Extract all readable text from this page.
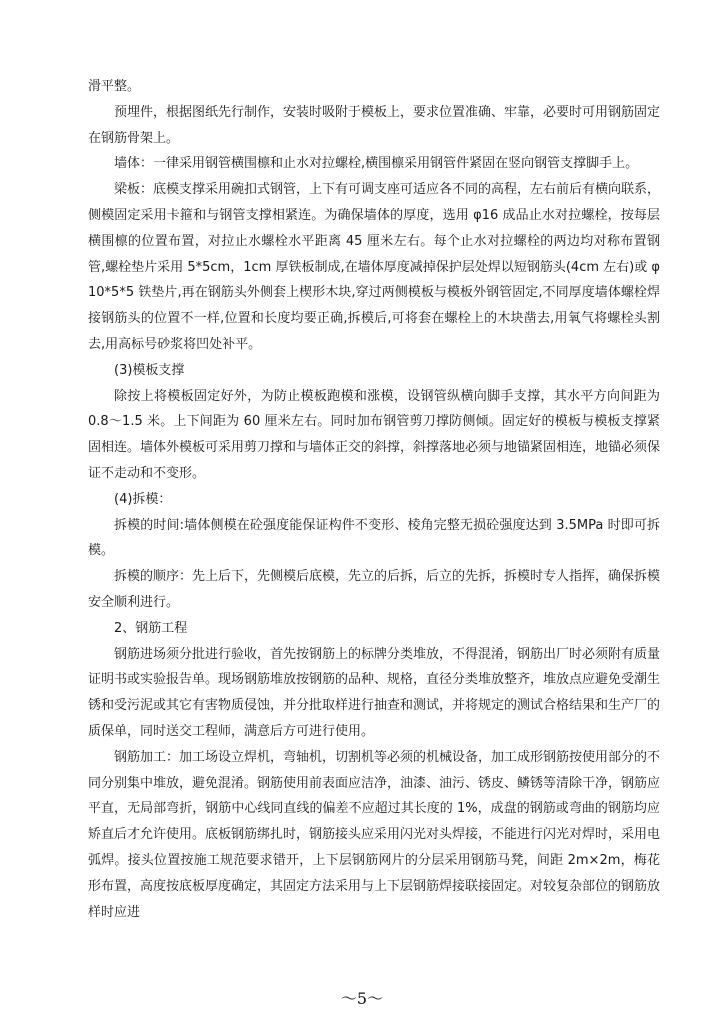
滑平整。

预埋件，根据图纸先行制作，安装时吸附于模板上，要求位置准确、牢靠，必要时可用钢筋固定在钢筋骨架上。

墙体：一律采用钢管横围檩和止水对拉螺栓,横围檩采用钢管件紧固在竖向钢管支撑脚手上。

梁板：底模支撑采用碗扣式钢管，上下有可调支座可适应各不同的高程，左右前后有横向联系，侧模固定采用卡箍和与钢管支撑相紧连。为确保墙体的厚度，选用 φ16 成品止水对拉螺栓，按每层横围檩的位置布置，对拉止水螺栓水平距离 45 厘米左右。每个止水对拉螺栓的两边均对称布置钢管,螺栓垫片采用 5*5cm，1cm 厚铁板制成,在墙体厚度减掉保护层处焊以短钢筋头(4cm 左右)或 φ10*5*5 铁垫片,再在钢筋头外侧套上楔形木块,穿过两侧模板与模板外钢管固定,不同厚度墙体螺栓焊接钢筋头的位置不一样,位置和长度均要正确,拆模后,可将套在螺栓上的木块凿去,用氧气将螺栓头割去,用高标号砂浆将凹处补平。

(3)模板支撑

除按上将模板固定好外，为防止模板跑模和涨模，设钢管纵横向脚手支撑，其水平方向间距为 0.8～1.5 米。上下间距为 60 厘米左右。同时加布钢管剪刀撑防侧倾。固定好的模板与模板支撑紧固相连。墙体外模板可采用剪刀撑和与墙体正交的斜撑，斜撑落地必须与地锚紧固相连，地锚必须保证不走动和不变形。

(4)拆模：

拆模的时间:墙体侧模在砼强度能保证构件不变形、棱角完整无损砼强度达到 3.5MPa 时即可拆模。

拆模的顺序：先上后下，先侧模后底模，先立的后拆，后立的先拆，拆模时专人指挥，确保拆模安全顺利进行。

2、钢筋工程

钢筋进场须分批进行验收，首先按钢筋上的标牌分类堆放，不得混淆，钢筋出厂时必须附有质量证明书或实验报告单。现场钢筋堆放按钢筋的品种、规格，直径分类堆放整齐，堆放点应避免受潮生锈和受污泥或其它有害物质侵蚀，并分批取样进行抽查和测试，并将规定的测试合格结果和生产厂的质保单，同时送交工程师，满意后方可进行使用。

钢筋加工：加工场设立焊机，弯轴机，切割机等必须的机械设备，加工成形钢筋按使用部分的不同分别集中堆放，避免混淆。钢筋使用前表面应洁净，油漆、油污、锈皮、鳞锈等清除干净，钢筋应平直，无局部弯折，钢筋中心线同直线的偏差不应超过其长度的 1%，成盘的钢筋或弯曲的钢筋均应矫直后才允许使用。底板钢筋绑扎时，钢筋接头应采用闪光对头焊接，不能进行闪光对焊时，采用电弧焊。接头位置按施工规范要求错开，上下层钢筋网片的分层采用钢筋马凳，间距 2m×2m，梅花形布置，高度按底板厚度确定，其固定方法采用与上下层钢筋焊接联接固定。对较复杂部位的钢筋放样时应进

～5～
